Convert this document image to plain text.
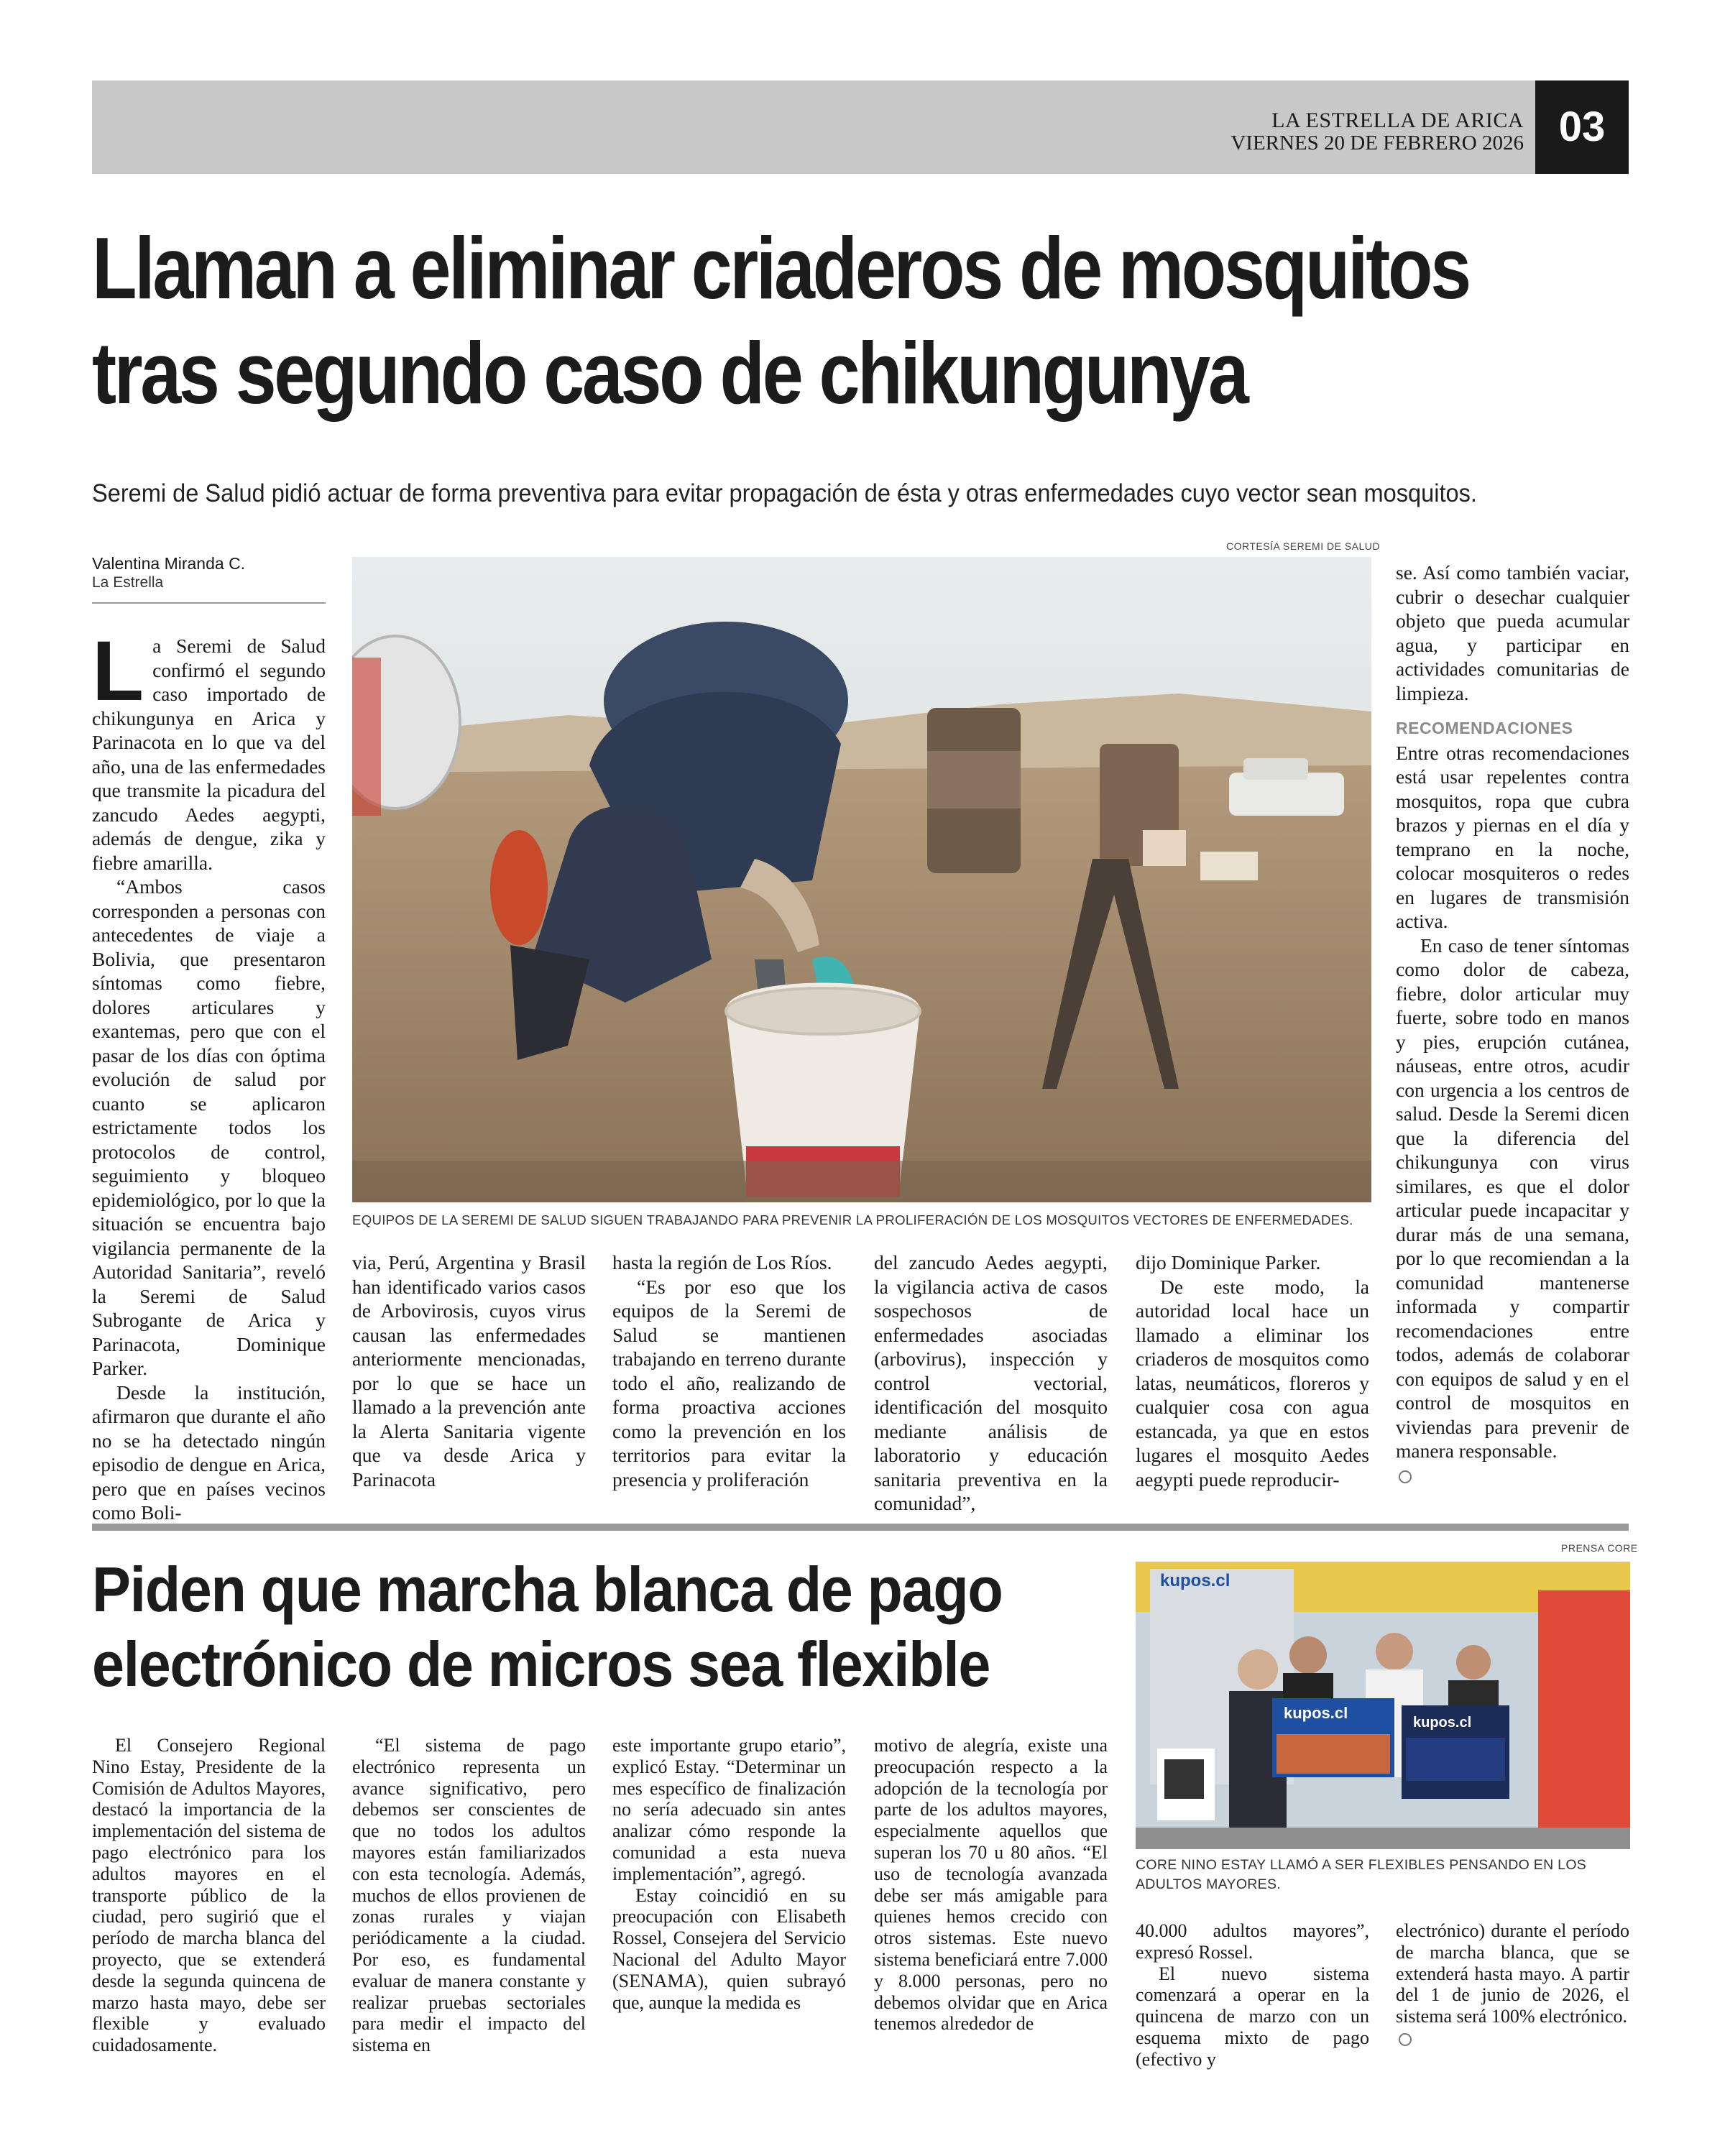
LA ESTRELLA DE ARICA
VIERNES 20 DE FEBRERO 2026 03
Llaman a eliminar criaderos de mosquitos
tras segundo caso de chikungunya
Seremi de Salud pidió actuar de forma preventiva para evitar propagación de ésta y otras enfermedades cuyo vector sean mosquitos.
Valentina Miranda C.
La Estrella

La Seremi de Salud confirmó el segundo caso importado de chikungunya en Arica y Parinacota en lo que va del año, una de las enfermedades que transmite la picadura del zancudo Aedes aegypti, además de dengue, zika y fiebre amarilla.

“Ambos casos corresponden a personas con antecedentes de viaje a Bolivia, que presentaron síntomas como fiebre, dolores articulares y exantemas, pero que con el pasar de los días con óptima evolución de salud por cuanto se aplicaron estrictamente todos los protocolos de control, seguimiento y bloqueo epidemiológico, por lo que la situación se encuentra bajo vigilancia permanente de la Autoridad Sanitaria”, reveló la Seremi de Salud Subrogante de Arica y Parinacota, Dominique Parker.

Desde la institución, afirmaron que durante el año no se ha detectado ningún episodio de dengue en Arica, pero que en países vecinos como Boli-

CORTESÍA SEREMI DE SALUD
EQUIPOS DE LA SEREMI DE SALUD SIGUEN TRABAJANDO PARA PREVENIR LA PROLIFERACIÓN DE LOS MOSQUITOS VECTORES DE ENFERMEDADES.

via, Perú, Argentina y Brasil han identificado varios casos de Arbovirosis, cuyos virus causan las enfermedades anteriormente mencionadas, por lo que se hace un llamado a la prevención ante la Alerta Sanitaria vigente que va desde Arica y Parinacota

hasta la región de Los Ríos.

“Es por eso que los equipos de la Seremi de Salud se mantienen trabajando en terreno durante todo el año, realizando de forma proactiva acciones como la prevención en los territorios para evitar la presencia y proliferación

del zancudo Aedes aegypti, la vigilancia activa de casos sospechosos de enfermedades asociadas (arbovirus), inspección y control vectorial, identificación del mosquito mediante análisis de laboratorio y educación sanitaria preventiva en la comunidad”,

dijo Dominique Parker.

De este modo, la autoridad local hace un llamado a eliminar los criaderos de mosquitos como latas, neumáticos, floreros y cualquier cosa con agua estancada, ya que en estos lugares el mosquito Aedes aegypti puede reproducir-

se. Así como también vaciar, cubrir o desechar cualquier objeto que pueda acumular agua, y participar en actividades comunitarias de limpieza.

RECOMENDACIONES

Entre otras recomendaciones está usar repelentes contra mosquitos, ropa que cubra brazos y piernas en el día y temprano en la noche, colocar mosquiteros o redes en lugares de transmisión activa.

En caso de tener síntomas como dolor de cabeza, fiebre, dolor articular muy fuerte, sobre todo en manos y pies, erupción cutánea, náuseas, entre otros, acudir con urgencia a los centros de salud. Desde la Seremi dicen que la diferencia del chikungunya con virus similares, es que el dolor articular puede incapacitar y durar más de una semana, por lo que recomiendan a la comunidad mantenerse informada y compartir recomendaciones entre todos, además de colaborar con equipos de salud y en el control de mosquitos en viviendas para prevenir de manera responsable.

Piden que marcha blanca de pago
electrónico de micros sea flexible
PRENSA CORE
kupos.cl
kupos.cl
kupos.cl
CORE NINO ESTAY LLAMÓ A SER FLEXIBLES PENSANDO EN LOS ADULTOS MAYORES.

El Consejero Regional Nino Estay, Presidente de la Comisión de Adultos Mayores, destacó la importancia de la implementación del sistema de pago electrónico para los adultos mayores en el transporte público de la ciudad, pero sugirió que el período de marcha blanca del proyecto, que se extenderá desde la segunda quincena de marzo hasta mayo, debe ser flexible y evaluado cuidadosamente.

“El sistema de pago electrónico representa un avance significativo, pero debemos ser conscientes de que no todos los adultos mayores están familiarizados con esta tecnología. Además, muchos de ellos provienen de zonas rurales y viajan periódicamente a la ciudad. Por eso, es fundamental evaluar de manera constante y realizar pruebas sectoriales para medir el impacto del sistema en

este importante grupo etario”, explicó Estay. “Determinar un mes específico de finalización no sería adecuado sin antes analizar cómo responde la comunidad a esta nueva implementación”, agregó.

Estay coincidió en su preocupación con Elisabeth Rossel, Consejera del Servicio Nacional del Adulto Mayor (SENAMA), quien subrayó que, aunque la medida es

motivo de alegría, existe una preocupación respecto a la adopción de la tecnología por parte de los adultos mayores, especialmente aquellos que superan los 70 u 80 años. “El uso de tecnología avanzada debe ser más amigable para quienes hemos crecido con otros sistemas. Este nuevo sistema beneficiará entre 7.000 y 8.000 personas, pero no debemos olvidar que en Arica tenemos alrededor de

40.000 adultos mayores”, expresó Rossel.

El nuevo sistema comenzará a operar en la quincena de marzo con un esquema mixto de pago (efectivo y

electrónico) durante el período de marcha blanca, que se extenderá hasta mayo. A partir del 1 de junio de 2026, el sistema será 100% electrónico.
